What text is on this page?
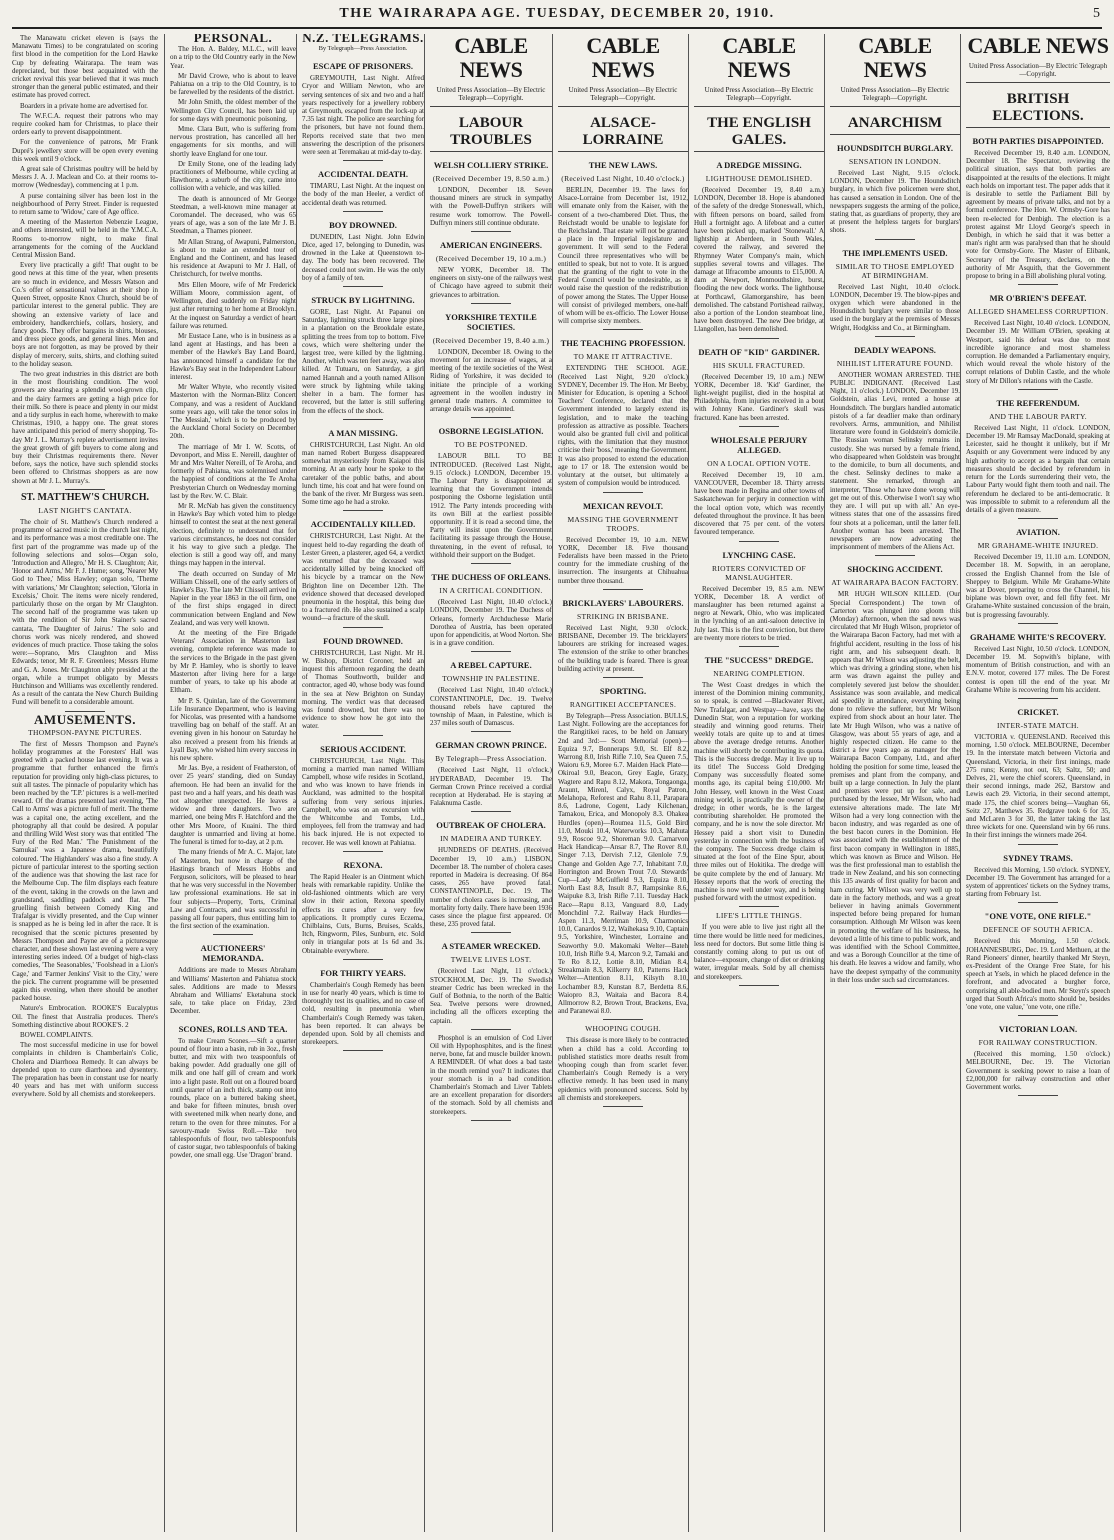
THE WAIRARAPA AGE. TUESDAY, DECEMBER 20, 1910.	5

The Manawatu cricket eleven is (says the Manawatu Times) to be congratulated on scoring first blood in the competition for the Lord Hawke Cup by defeating Wairarapa. The team was depreciated, but those best acquainted with the cricket revival this year believed that it was much stronger than the general public estimated, and their estimate has proved correct.

Boarders in a private home are advertised for.

The W.F.C.A. request their patrons who may require cooked ham for Christmas, to place their orders early to prevent disappointment.

For the convenience of patrons, Mr Frank Dupré's jewellery store will be open every evening this week until 9 o'clock.

A great sale of Christmas poultry will be held by Messrs J. A. J. Maclean and Co. at their rooms to-morrow (Wednesday), commencing at 1 p.m.

A purse containing silver has been lost in the neighbourhood of Perry Street. Finder is requested to return same to 'Widow,' care of Age office.

A meeting of the Masterton Nebenzie League, and others interested, will be held in the Y.M.C.A. Rooms to-morrow night, to make final arrangements for the coming of the Auckland Central Mission Band.

Every live practically a gift! That ought to be good news at this time of the year, when presents are so much in evidence, and Messrs Watson and Co.'s offer of sensational values at their shop in Queen Street, opposite Knox Church, should be of particular interest to the general public. They are showing an extensive variety of lace and embroidery, handkerchiefs, collars, hosiery, and fancy goods. They offer bargains in shirts, blouses, and dress piece goods, and general lines. Men and boys are not forgotten, as may be proved by their display of mercery, suits, shirts, and clothing suited to the holiday season.

The two great industries in this district are both in the most flourishing condition. The wool growers are shearing a splendid wool-grown clip, and the dairy farmers are getting a high price for their milk. So there is peace and plenty in our midst and a tidy surplus in each home, wherewith to make Christmas, 1910, a happy one. The great stores have anticipated this period of merry shopping. To-day Mr J. L. Murray's replete advertisement invites the great growth of gift buyers to come along and buy their Christmas requirements there. Never before, says the notice, have such splendid stocks been offered to Christmas shoppers as are now shown at Mr J. L. Murray's.

ST. MATTHEW'S CHURCH.
LAST NIGHT'S CANTATA.

The choir of St. Matthew's Church rendered a programme of sacred music in the church last night, and its performance was a most creditable one. The first part of the programme was made up of the following selections and solos—Organ solo, 'Introduction and Allegro,' Mr H. S. Claughton; Air, 'Honor and Arms,' Mr F. J. Hume; song, 'Nearer My God to Thee,' Miss Hawley; organ solo, 'Theme with variations,' Mr Claughton; selection, 'Gloria in Excelsis,' Choir. The items were nicely rendered, particularly those on the organ by Mr Claughton. The second half of the programme was taken up with the rendition of Sir John Stainer's sacred cantata, 'The Daughter of Jairus.' The solo and chorus work was nicely rendered, and showed evidences of much practice. Those taking the solos were:—Soprano, Mrs Claughton and Miss Edwards; tenor, Mr R. F. Greenlees; Messrs Hume and G. A. Jones. Mr Claughton ably presided at the organ, while a trumpet obligato by Messrs Hutchinson and Williams was excellently rendered. As a result of the cantata the New Church Building Fund will benefit to a considerable amount.

AMUSEMENTS.
THOMPSON-PAYNE PICTURES.

The first of Messrs Thompson and Payne's holiday programmes at the Foresters' Hall was greeted with a packed house last evening. It was a programme that further enhanced the firm's reputation for providing only high-class pictures, to suit all tastes. The pinnacle of popularity which has been reached by the 'T.P.' pictures is a well-merited reward. Of the dramas presented last evening, 'The Call to Arms' was a picture full of merit. The theme was a capital one, the acting excellent, and the photography all that could be desired. A popular and thrilling Wild West story was that entitled 'The Fury of the Red Man.' 'The Punishment of the Samukai' was a Japanese drama, beautifully coloured. 'The Highlanders' was also a fine study. A picture of particular interest to the sporting section of the audience was that showing the last race for the Melbourne Cup. The film displays each feature of the event, taking in the crowds on the lawn and grandstand, saddling paddock and flat. The gruelling finish between Comedy King and Trafalgar is vividly presented, and the Cup winner is snapped as he is being led in after the race. It is recognised that the scenic pictures presented by Messrs Thompson and Payne are of a picturesque character, and these shown last evening were a very interesting series indeed. Of a budget of high-class comedies, 'The Seasonables,' 'Foolshead in a Lion's Cage,' and 'Farmer Jenkins' Visit to the City,' were the pick. The current programme will be presented again this evening, when there should be another packed house.

Nature's Embrocation. ROOKE'S Eucalyptus Oil. The finest that Australia produces. There's Something distinctive about ROOKE'S. 2

BOWEL COMPLAINTS.

The most successful medicine in use for bowel complaints in children is Chamberlain's Colic, Cholera and Diarrhoea Remedy. It can always be depended upon to cure diarrhoea and dysentery. The preparation has been in constant use for nearly 40 years and has met with uniform success everywhere. Sold by all chemists and storekeepers.

PERSONAL.

The Hon. A. Baldey, M.L.C., will leave on a trip to the Old Country early in the New Year.

Mr David Crowe, who is about to leave Pahiatua on a trip to the Old Country, is to be farewelled by the residents of the district.

Mr John Smith, the oldest member of the Wellington City Council, has been laid up for some days with pneumonic poisoning.

Mme. Clara Butt, who is suffering from nervous prostration, has cancelled all her engagements for six months, and will shortly leave England for one tour.

Dr Emily Stone, one of the leading lady practitioners of Melbourne, while cycling at Hawthorne, a suburb of the city, came into collision with a vehicle, and was killed.

The death is announced of Mr George Steedman, a well-known mine manager at Coromandel. The deceased, who was 65 years of age, was a son of the late Mr J. B. Steedman, a Thames pioneer.

Mr Allan Strang, of Awapuni, Palmerston, is about to make an extended tour of England and the Continent, and has leased his residence at Awapuni to Mr J. Hall, of Christchurch, for twelve months.

Mrs Ellen Moore, wife of Mr Frederick William Moore, commission agent, of Wellington, died suddenly on Friday night just after returning to her home at Brooklyn. At the inquest on Saturday a verdict of heart failure was returned.

Mr Eustace Lane, who is in business as a land agent at Hastings, and has been a member of the Hawke's Bay Land Board, has announced himself a candidate for the Hawke's Bay seat in the Independent Labour interest.

Mr Walter Whyte, who recently visited Masterton with the Norman-Blitz Concert Company, and was a resident of Auckland some years ago, will take the tenor solos in 'The Messiah,' which is to be produced by the Auckland Choral Society on December 20th.

The marriage of Mr I. W. Scotts, of Devonport, and Miss E. Nereill, daughter of Mr and Mrs Walter Nereill, of Te Aroha, and formerly of Pahiatua, was solemnised under the happiest of conditions at the Te Aroha Presbyterian Church on Wednesday morning last by the Rev. W. C. Blair.

Mr R. McNab has given the constituency in Hawke's Bay which voted him to pledge himself to contest the seat at the next general election, definitely to understand that for various circumstances, he does not consider it his way to give such a pledge. The election is still a good way off, and many things may happen in the interval.

The death occurred on Sunday of Mr William Chissell, one of the early settlers of Hawke's Bay. The late Mr Chissell arrived in Napier in the year 1863 in the oil firm, one of the first ships engaged in direct communication between England and New Zealand, and was very well known.

At the meeting of the Fire Brigade Veterans' Association in Masterton last evening, complete reference was made to the services to the Brigade in the past given by Mr P. Hamley, who is shortly to leave Masterton after living here for a large number of years, to take up his abode at Eltham.

Mr P. S. Quinlan, late of the Government Life Insurance Department, who is leaving for Nicolas, was presented with a handsome travelling bag on behalf of the staff. At an evening given in his honour on Saturday he also received a present from his friends at Lyall Bay, who wished him every success in his new sphere.

Mr Jas. Bye, a resident of Featherston, of over 25 years' standing, died on Sunday afternoon. He had been an invalid for the past two and a half years, and his death was not altogether unexpected. He leaves a widow and three daughters. Two are married, one being Mrs F. Hatchford and the other Mrs Moore, of Kuaini. The third daughter is unmarried and living at home. The funeral is timed for to-day, at 2 p.m.

The many friends of Mr A. C. Major, late of Masterton, but now in charge of the Hastings branch of Messrs Hobbs and Ferguson, solicitors, will be pleased to hear that he was very successful in the November law professional examinations. He sat in four subjects—Property, Torts, Criminal Law and Contracts, and was successful in passing all four papers, thus entitling him to the first section of the examination.

AUCTIONEERS' MEMORANDA.

Additions are made to Messrs Abraham and Williams' Masterton and Pahiatua stock sales. Additions are made to Messrs Abraham and Williams' Eketahuna stock sale, to take place on Friday, 23rd December.

SCONES, ROLLS AND TEA.

To make Cream Scones.—Sift a quarter pound of flour into a basin, rub in 3oz., fresh butter, and mix with two teaspoonfuls of baking powder. Add gradually one gill of milk and one half gill of cream and work into a light paste. Roll out on a floured board until quarter of an inch thick, stamp out into rounds, place on a buttered baking sheet, and bake for fifteen minutes, brush over with sweetened milk when nearly done, and return to the oven for three minutes. For a savoury-made Swiss Roll.—Take two tablespoonfuls of flour, two tablespoonfuls of castor sugar, two tablespoonfuls of baking powder, one small egg. Use 'Dragon' brand.

N.Z. TELEGRAMS.
By Telegraph—Press Association.
ESCAPE OF PRISONERS.

GREYMOUTH, Last Night. Alfred Cryor and William Newton, who are serving sentences of six and two and a half years respectively for a jewellery robbery at Greymouth, escaped from the lock-up at 7.35 last night. The police are searching for the prisoners, but have not found them. Reports received state that two men answering the description of the prisoners were seen at Teremakau at mid-day to-day.

ACCIDENTAL DEATH.

TIMARU, Last Night. At the inquest on the body of the man Heeler, a verdict of accidental death was returned.

BOY DROWNED.

DUNEDIN, Last Night. John Edwin Dice, aged 17, belonging to Dunedin, was drowned in the Lake at Queenstown to-day. The body has been recovered. The deceased could not swim. He was the only boy of a family of ten.

STRUCK BY LIGHTNING.

GORE, Last Night. At Papanui on Saturday, lightning struck three large pines in a plantation on the Brookdale estate, splitting the trees from top to bottom. Five cows, which were sheltering under the largest tree, were killed by the lightning. Another, which was ten feet away, was also killed. At Tutuaru, on Saturday, a girl named Hannah and a youth named Allison were struck by lightning while taking shelter in a barn. The former has recovered, but the latter is still suffering from the effects of the shock.

A MAN MISSING.

CHRISTCHURCH, Last Night. An old man named Robert Burgess disappeared somewhat mysteriously from Kaiapoi this morning. At an early hour he spoke to the caretaker of the public baths, and about lunch time, his coat and hat were found on the bank of the river. Mr Burgess was seen. Some time ago he had a stroke.

ACCIDENTALLY KILLED.

CHRISTCHURCH, Last Night. At the inquest held to-day regarding the death of Lester Green, a plasterer, aged 64, a verdict was returned that the deceased was accidentally killed by being knocked off his bicycle by a tramcar on the New Brighton line on December 12th. The evidence showed that deceased developed pneumonia in the hospital, this being due to a fractured rib. He also sustained a scalp wound—a fracture of the skull.

FOUND DROWNED.

CHRISTCHURCH, Last Night. Mr H. W. Bishop, District Coroner, held an inquest this afternoon regarding the death of Thomas Southworth, builder and contractor, aged 40, whose body was found in the sea at New Brighton on Sunday morning. The verdict was that deceased was found drowned, but there was no evidence to show how he got into the water.

SERIOUS ACCIDENT.

CHRISTCHURCH, Last Night. This morning a married man named William Campbell, whose wife resides in Scotland, and who was known to have friends in Auckland, was admitted to the hospital suffering from very serious injuries. Campbell, who was on an excursion with the Whitcombe and Tombs, Ltd., employees, fell from the tramway and had his back injured. He is not expected to recover. He was well known at Pahiatua.

REXONA.

The Rapid Healer is an Ointment which heals with remarkable rapidity. Unlike the old-fashioned ointments which are very slow in their action, Rexona speedily effects its cures after a very few applications. It promptly cures Eczema, Chilblains, Cuts, Burns, Bruises, Scalds, Itch, Ringworm, Piles, Sunburn, etc. Sold only in triangular pots at 1s 6d and 3s. Obtainable everywhere.

FOR THIRTY YEARS.

Chamberlain's Cough Remedy has been in use for nearly 40 years, which is time to thoroughly test its qualities, and no case of cold, resulting in pneumonia when Chamberlain's Cough Remedy was taken, has been reported. It can always be depended upon. Sold by all chemists and storekeepers.

CABLE NEWS
United Press Association—By Electric Telegraph—Copyright.
LABOUR TROUBLES
WELSH COLLIERY STRIKE.
(Received December 19, 8.50 a.m.)

LONDON, December 18. Seven thousand miners are struck in sympathy with the Powell-Duffryn strikers will resume work tomorrow. The Powell-Duffryn miners still continue obdurate.

AMERICAN ENGINEERS.
(Received December 19, 10 a.m.)

NEW YORK, December 18. The engineers on sixty-one of the railways west of Chicago have agreed to submit their grievances to arbitration.

YORKSHIRE TEXTILE SOCIETIES.
(Received December 19, 8.40 a.m.)

LONDON, December 18. Owing to the movement for an increase of wages, at a meeting of the textile societies of the West Riding of Yorkshire, it was decided to initiate the principle of a working agreement in the woollen industry in general trade matters. A committee to arrange details was appointed.

OSBORNE LEGISLATION.
TO BE POSTPONED.

LABOUR BILL TO BE INTRODUCED. (Received Last Night, 9.15 o'clock.) LONDON, December 19. The Labour Party is disappointed at learning that the Government intends postponing the Osborne legislation until 1912. The Party intends proceeding with its own Bill at the earliest possible opportunity. If it is read a second time, the Party will insist upon the Government facilitating its passage through the House, threatening, in the event of refusal, to withhold their support on the Budget.

THE DUCHESS OF ORLEANS.
IN A CRITICAL CONDITION.

(Received Last Night, 10.40 o'clock.) LONDON, December 19. The Duchess of Orleans, formerly Archduchesse Marie Dorothea of Austria, has been operated upon for appendicitis, at Wood Norton. She is in a grave condition.

A REBEL CAPTURE.
TOWNSHIP IN PALESTINE.

(Received Last Night, 10.40 o'clock.) CONSTANTINOPLE, Dec. 19. Twelve thousand rebels have captured the township of Maan, in Palestine, which is 237 miles south of Damascus.

GERMAN CROWN PRINCE.
By Telegraph—Press Association.

(Received Last Night, 11 o'clock.) HYDERABAD, December 19. The German Crown Prince received a cordial reception at Hyderabad. He is staying at Falaknuma Castle.

OUTBREAK OF CHOLERA.
IN MADEIRA AND TURKEY.

HUNDREDS OF DEATHS. (Received December 19, 10 a.m.) LISBON, December 18. The number of cholera cases reported in Madeira is decreasing. Of 864 cases, 265 have proved fatal. CONSTANTINOPLE, Dec. 19. The number of cholera cases is increasing, and mortality forty daily. There have been 1936 cases since the plague first appeared. Of these, 235 proved fatal.

A STEAMER WRECKED.
TWELVE LIVES LOST.

(Received Last Night, 11 o'clock.) STOCKHOLM, Dec. 19. The Swedish steamer Cedric has been wrecked in the Gulf of Bothnia, to the north of the Baltic Sea. Twelve persons were drowned, including all the officers excepting the captain.

Phosphol is an emulsion of Cod Liver Oil with Hypophosphites, and is the finest nerve, bone, fat and muscle builder known. A REMINDER. Of what does a bad taste in the mouth remind you? It indicates that your stomach is in a bad condition. Chamberlain's Stomach and Liver Tablets are an excellent preparation for disorders of the stomach. Sold by all chemists and storekeepers.

CABLE NEWS
United Press Association—By Electric Telegraph—Copyright.
ALSACE-LORRAINE
THE NEW LAWS.
(Received Last Night, 10.40 o'clock.)

BERLIN, December 19. The laws for Alsace-Lorraine from December 1st, 1912, will emanate only from the Kaiser, with the consent of a two-chambered Diet. Thus, the Reichstadt would be unable to legislate for the Reichsland. That estate will not be granted a place in the Imperial legislature and government. It will send to the Federal Council three representatives who will be entitled to speak, but not to vote. It is argued that the granting of the right to vote in the Federal Council would be undesirable, as it would raise the question of the redistribution of power among the States. The Upper House will consist of privileged members, one-half of whom will be ex-officio. The Lower House will comprise sixty members.

THE TEACHING PROFESSION.
TO MAKE IT ATTRACTIVE.

EXTENDING THE SCHOOL AGE. (Received Last Night, 9.20 o'clock.) SYDNEY, December 19. The Hon. Mr Beeby, Minister for Education, is opening a School Teachers' Conference, declared that the Government intended to largely extend its legislation, and to make the teaching profession as attractive as possible. Teachers would also be granted full civil and political rights, with the limitation that they mustnot criticise their 'boss,' meaning the Government. It was also proposed to extend the education age to 17 or 18. The extension would be voluntary at the outset, but ultimately a system of compulsion would be introduced.

MEXICAN REVOLT.
MASSING THE GOVERNMENT TROOPS.

Received December 19, 10 a.m. NEW YORK, December 18. Five thousand Federalists have been massed in the Prieto country for the immediate crushing of the insurrection. The insurgents at Chihuahua number three thousand.

BRICKLAYERS' LABOURERS.
STRIKING IN BRISBANE.

Received Last Night, 9.30 o'clock. BRISBANE, December 19. The bricklayers' labourers are striking for increased wages. The extension of the strike to other branches of the building trade is feared. There is great building activity at present.

SPORTING.
RANGITIKEI ACCEPTANCES.

By Telegraph—Press Association. BULLS, Last Night. Following are the acceptances for the Rangitikei races, to be held on January 2nd and 3rd:— Scott Memorial (open)—Equiza 9.7, Bonneraps 9.0, St. Elf 8.2, Warrong 8.0, Irish Rifle 7.10, Sea Queen 7.5, Waioru 6.9, Moree 6.7. Maiden Hack Plate—Okiroal 9.0, Beacon, Grey Eagle, Grazy, Wagtere and Rapu 8.12, Makora, Tongaonga, Araunt, Mirenl, Calyx, Royal Patron, Melahopa, Reforest and Rahu 8.11, Parapara 8.6, Ladrone, Cogent, Lady Kilchenan, Tamakou, Erica, and Monopoly 8.3. Ohakea Hurdles (open)—Roumea 11.5, Gold Bird 11.0, Mouki 10.4, Waterworks 10.3, Mahuta 9.9, Roscoe 9.2, Shoreman 9.0. Carnarvon Hack Handicap—Ansar 8.7, The Rover 8.0, Singer 7.13, Dervish 7.12, Glenlole 7.9, Change and Golden Age 7.7, Inhabitant 7.0, Horrington and Brown Trout 7.0. Stewards' Cup—Lady McGulfield 9.3, Equiza 8.10, North East 8.8, Insult 8.7, Rampsinke 8.6, Waipuke 8.3, Irish Rifle 7.11. Tuesday Hack Race—Rapu 8.13, Vanguard 8.0, Lady Monchdinl 7.2. Railway Hack Hurdles—Aspen 11.3, Merriman 10.9, Charmonics 10.0, Canardos 9.12, Waihekasa 9.10, Captain 9.5, Yorkshire, Winchester, Lorraine and Seaworthy 9.0. Makomaki Welter—Bateh 10.0, Irish Rifle 9.4, Marcon 9.2, Tamaki and Te Ro 8.12, Lottie 8.10, Midian 8.4, Streakmain 8.3, Kilkerry 8.0, Patterns Hack Welter—Attention 8.11, Kilsyth 8.10, Lochamber 8.9, Kunstan 8.7, Berdetta 8.6, Waiopro 8.3, Waitaia and Bacora 8.4, Allmorrow 8.2, Brown Trout, Brackens, Eva, and Paranewai 8.0.

WHOOPING COUGH.

This disease is more likely to be contracted when a child has a cold. According to published statistics more deaths result from whooping cough than from scarlet fever. Chamberlain's Cough Remedy is a very effective remedy. It has been used in many epidemics with pronounced success. Sold by all chemists and storekeepers.

CABLE NEWS
United Press Association—By Electric Telegraph—Copyright.
THE ENGLISH GALES.
A DREDGE MISSING.
LIGHTHOUSE DEMOLISHED.

(Received December 19, 8.40 a.m.) LONDON, December 18. Hope is abandoned of the safety of the dredge Stoneswall, which, with fifteen persons on board, sailed from Hull a fortnight ago. A lifeboat and a cutter have been picked up, marked 'Stonewall.' A lightship at Aberdeen, in South Wales, covered the railway, and severed the Rhymney Water Company's main, which supplies several towns and villages. The damage at Ilfracombe amounts to £15,000. A dam at Newport, Monmouthshire, burst, flooding the new dock works. The lighthouse at Porthcawl, Glamorganshire, has been demolished. The cabstand Portishead railway, also a portion of the London steamboat line, have been destroyed. The new Dee bridge, at Llangollen, has been demolished.

DEATH OF "KID" GARDINER.
HIS SKULL FRACTURED.

(Received December 19, 10 a.m.) NEW YORK, December 18. 'Kid' Gardiner, the light-weight pugilist, died in the hospital at Philadelphia, from injuries received in a bout with Johnny Kane. Gardiner's skull was fractured. Kane has been arrested.

WHOLESALE PERJURY ALLEGED.
ON A LOCAL OPTION VOTE.

Received December 19, 10 a.m. VANCOUVER, December 18. Thirty arrests have been made in Regina and other towns of Saskatchewan for perjury in connection with the local option vote, which was recently defeated throughout the province. It has been discovered that 75 per cent. of the voters favoured temperance.

LYNCHING CASE.
RIOTERS CONVICTED OF MANSLAUGHTER.

Received December 19, 8.5 a.m. NEW YORK, December 18. A verdict of manslaughter has been returned against a negro at Newark, Ohio, who was implicated in the lynching of an anti-saloon detective in July last. This is the first conviction, but there are twenty more rioters to be tried.

THE "SUCCESS" DREDGE.
NEARING COMPLETION.

The West Coast dredges in which the interest of the Dominion mining community, so to speak, is centred —Blackwater River, New Trafalgar, and Westpay—have, says the Dunedin Star, won a reputation for working steadily and winning good returns. Their weekly totals are quite up to and at times above the average dredge returns. Another machine will shortly be contributing its quota. This is the Success dredge. May it live up to its title! The Success Gold Dredging Company was successfully floated some months ago, its capital being £10,000. Mr John Hessey, well known in the West Coast mining world, is practically the owner of the dredge; in other words, he is the largest contributing shareholder. He promoted the company, and he is now the sole director. Mr Hessey paid a short visit to Dunedin yesterday in connection with the business of the company. The Success dredge claim is situated at the foot of the Eine Spur, about three miles out of Hokitika. The dredge will be quite complete by the end of January. Mr Hessey reports that the work of erecting the machine is now well under way, and is being pushed forward with the utmost expedition.

LIFE'S LITTLE THINGS.

If you were able to live just right all the time there would be little need for medicines, less need for doctors. But some little thing is constantly coming along to put us out of balance—exposure, change of diet or drinking water, irregular meals. Sold by all chemists and storekeepers.

CABLE NEWS
United Press Association—By Electric Telegraph—Copyright.
ANARCHISM
HOUNDSDITCH BURGLARY.
SENSATION IN LONDON.

Received Last Night, 9.15 o'clock. LONDON, December 19. The Houndsditch burglary, in which five policemen were shot, has caused a sensation in London. One of the newspapers suggests the arming of the police, stating that, as guardians of property, they are at present the helpless targets for burglars' shots.

THE IMPLEMENTS USED.
SIMILAR TO THOSE EMPLOYED AT BIRMINGHAM.

Received Last Night, 10.40 o'clock. LONDON, December 19. The blow-pipes and oxygen which were abandoned in the Houndsditch burglary were similar to those used in the burglary at the premises of Messrs Wright, Hodgkiss and Co., at Birmingham.

DEADLY WEAPONS.
NIHILIST LITERATURE FOUND.

ANOTHER WOMAN ARRESTED. THE PUBLIC INDIGNANT. (Received Last Night, 11 o'clock.) LONDON, December 19. Goldstein, alias Levi, rented a house at Houndsditch. The burglars handled automatic pistols of a far deadlier make than ordinary revolvers. Arms, ammunition, and Nihilist literature were found in Goldstein's domicile. The Russian woman Selinsky remains in custody. She was nursed by a female friend, who disappeared when Goldstein was brought to the domicile, to burn all documents, and the chest. Selinsky declines to make a statement. She remarked, through an interpreter, 'Those who have done wrong will get me out of this. Otherwise I won't say who they are. I will put up with all.' An eye-witness states that one of the assassins fired four shots at a policeman, until the latter fell. Another woman has been arrested. The newspapers are now advocating the imprisonment of members of the Aliens Act.

SHOCKING ACCIDENT.
AT WAIRARAPA BACON FACTORY.

MR HUGH WILSON KILLED. (Our Special Correspondent.) The town of Carterton was plunged into gloom this (Monday) afternoon, when the sad news was circulated that Mr Hugh Wilson, proprietor of the Wairarapa Bacon Factory, had met with a frightful accident, resulting in the loss of his right arm, and his subsequent death. It appears that Mr Wilson was adjusting the belt, which was driving a grinding stone, when his arm was drawn against the pulley and completely severed just below the shoulder. Assistance was soon available, and medical aid speedily in attendance, everything being done to relieve the sufferer, but Mr Wilson expired from shock about an hour later. The late Mr Hugh Wilson, who was a native of Glasgow, was about 55 years of age, and a highly respected citizen. He came to the district a few years ago as manager for the Wairarapa Bacon Company, Ltd., and after holding the position for some time, leased the premises and plant from the company, and built up a large connection. In July the plant and premises were put up for sale, and purchased by the lessee, Mr Wilson, who had extensive alterations made. The late Mr Wilson had a very long connection with the bacon industry, and was regarded as one of the best bacon curers in the Dominion. He was associated with the establishment of the first bacon company in Wellington in 1885, which was known as Bruce and Wilson. He was the first professional man to establish the trade in New Zealand, and his son connecting this 135 awards of first quality for bacon and ham curing. Mr Wilson was very well up to date in the factory methods, and was a great believer in having animals Government inspected before being prepared for human consumption. Although Mr Wilson was keen in promoting the welfare of his business, he devoted a little of his time to public work, and was identified with the School Committee, and was a Borough Councillor at the time of his death. He leaves a widow and family, who have the deepest sympathy of the community in their loss under such sad circumstances.

CABLE NEWS
United Press Association—By Electric Telegraph—Copyright.
BRITISH ELECTIONS.
BOTH PARTIES DISAPPOINTED.

Received December 19, 8.40 a.m. LONDON, December 18. The Spectator, reviewing the political situation, says that both parties are disappointed at the results of the elections. It might each holds on important test. The paper adds that it is desirable to settle the Parliament Bill by agreement by means of private talks, and not by a formal conference. The Hon. W. Ormsby-Gore has been re-elected for Denbigh. The election is a protest against Mr Lloyd George's speech in Denbigh, in which he said that it was better a man's right arm was paralysed than that he should vote for Ormsby-Gore. The Master of Elibank, Secretary of the Treasury, declares, on the authority of Mr Asquith, that the Government propose to bring in a Bill abolishing plural voting.

MR O'BRIEN'S DEFEAT.
ALLEGED SHAMELESS CORRUPTION.

Received Last Night, 10.40 o'clock. LONDON, December 19. Mr William O'Brien, speaking at Westport, said his defeat was due to most incredible ignorance and most shameless corruption. He demanded a Parliamentary enquiry, which would reveal the whole history of the corrupt relations of Dublin Castle, and the whole story of Mr Dillon's relations with the Castle.

THE REFERENDUM.
AND THE LABOUR PARTY.

Received Last Night, 11 o'clock. LONDON, December 19. Mr Ramsay MacDonald, speaking at Leicester, said he thought it unlikely, but if Mr Asquith or any Government were induced by any high authority to accept as a bargain that certain measures should be decided by referendum in return for the Lords surrendering their veto, the Labour Party would fight them tooth and nail. The referendum he declared to be anti-democratic. It was impossible to submit to a referendum all the details of a given measure.

AVIATION.
MR GRAHAME-WHITE INJURED.

Received December 19, 11.10 a.m. LONDON, December 18. M. Sopwith, in an aeroplane, crossed the English Channel from the Isle of Sheppey to Belgium. While Mr Grahame-White was at Dover, preparing to cross the Channel, his biplane was blown over, and fell fifty feet. Mr Grahame-White sustained concussion of the brain, but is progressing favourably.

GRAHAME WHITE'S RECOVERY.

Received Last Night, 10.50 o'clock. LONDON, December 19. M. Sopwith's biplane, with momentum of British construction, and with an E.N.V. motor, covered 177 miles. The De Forest contest is open till the end of the year. Mr Grahame White is recovering from his accident.

CRICKET.
INTER-STATE MATCH.

VICTORIA v. QUEENSLAND. Received this morning, 1.50 o'clock. MELBOURNE, December 19. In the interstate match between Victoria and Queensland, Victoria, in their first innings, made 275 runs; Kenny, not out, 63; Saltz, 50; and Delves, 21, were the chief scorers. Queensland, in their second innings, made 262, Barstow and Lewis each 29. Victoria, in their second attempt, made 175, the chief scorers being—Vaughan 66, Seitz 27, Matthews 35. Redgrave took 6 for 35, and McLaren 3 for 30, the latter taking the last three wickets for one. Queensland win by 66 runs. In their first innings the winners made 264.

SYDNEY TRAMS.

Received this Morning, 1.50 o'clock. SYDNEY, December 19. The Government has arranged for a system of apprentices' tickets on the Sydney trams, starting from February 1st.

"ONE VOTE, ONE RIFLE."
DEFENCE OF SOUTH AFRICA.

Received this Morning, 1.50 o'clock. JOHANNESBURG, Dec. 19. Lord Methuen, at the Rand Pioneers' dinner, heartily thanked Mr Steyn, ex-President of the Orange Free State, for his speech at Ysels, in which he placed defence in the forefront, and advocated a burgher force, comprising all able-bodied men. Mr Steyn's speech urged that South Africa's motto should be, besides 'one vote, one value,' 'one vote, one rifle.'

VICTORIAN LOAN.
FOR RAILWAY CONSTRUCTION.

(Received this morning, 1.50 o'clock.) MELBOURNE, Dec. 19. The Victorian Government is seeking power to raise a loan of £2,000,000 for railway construction and other Government works.
